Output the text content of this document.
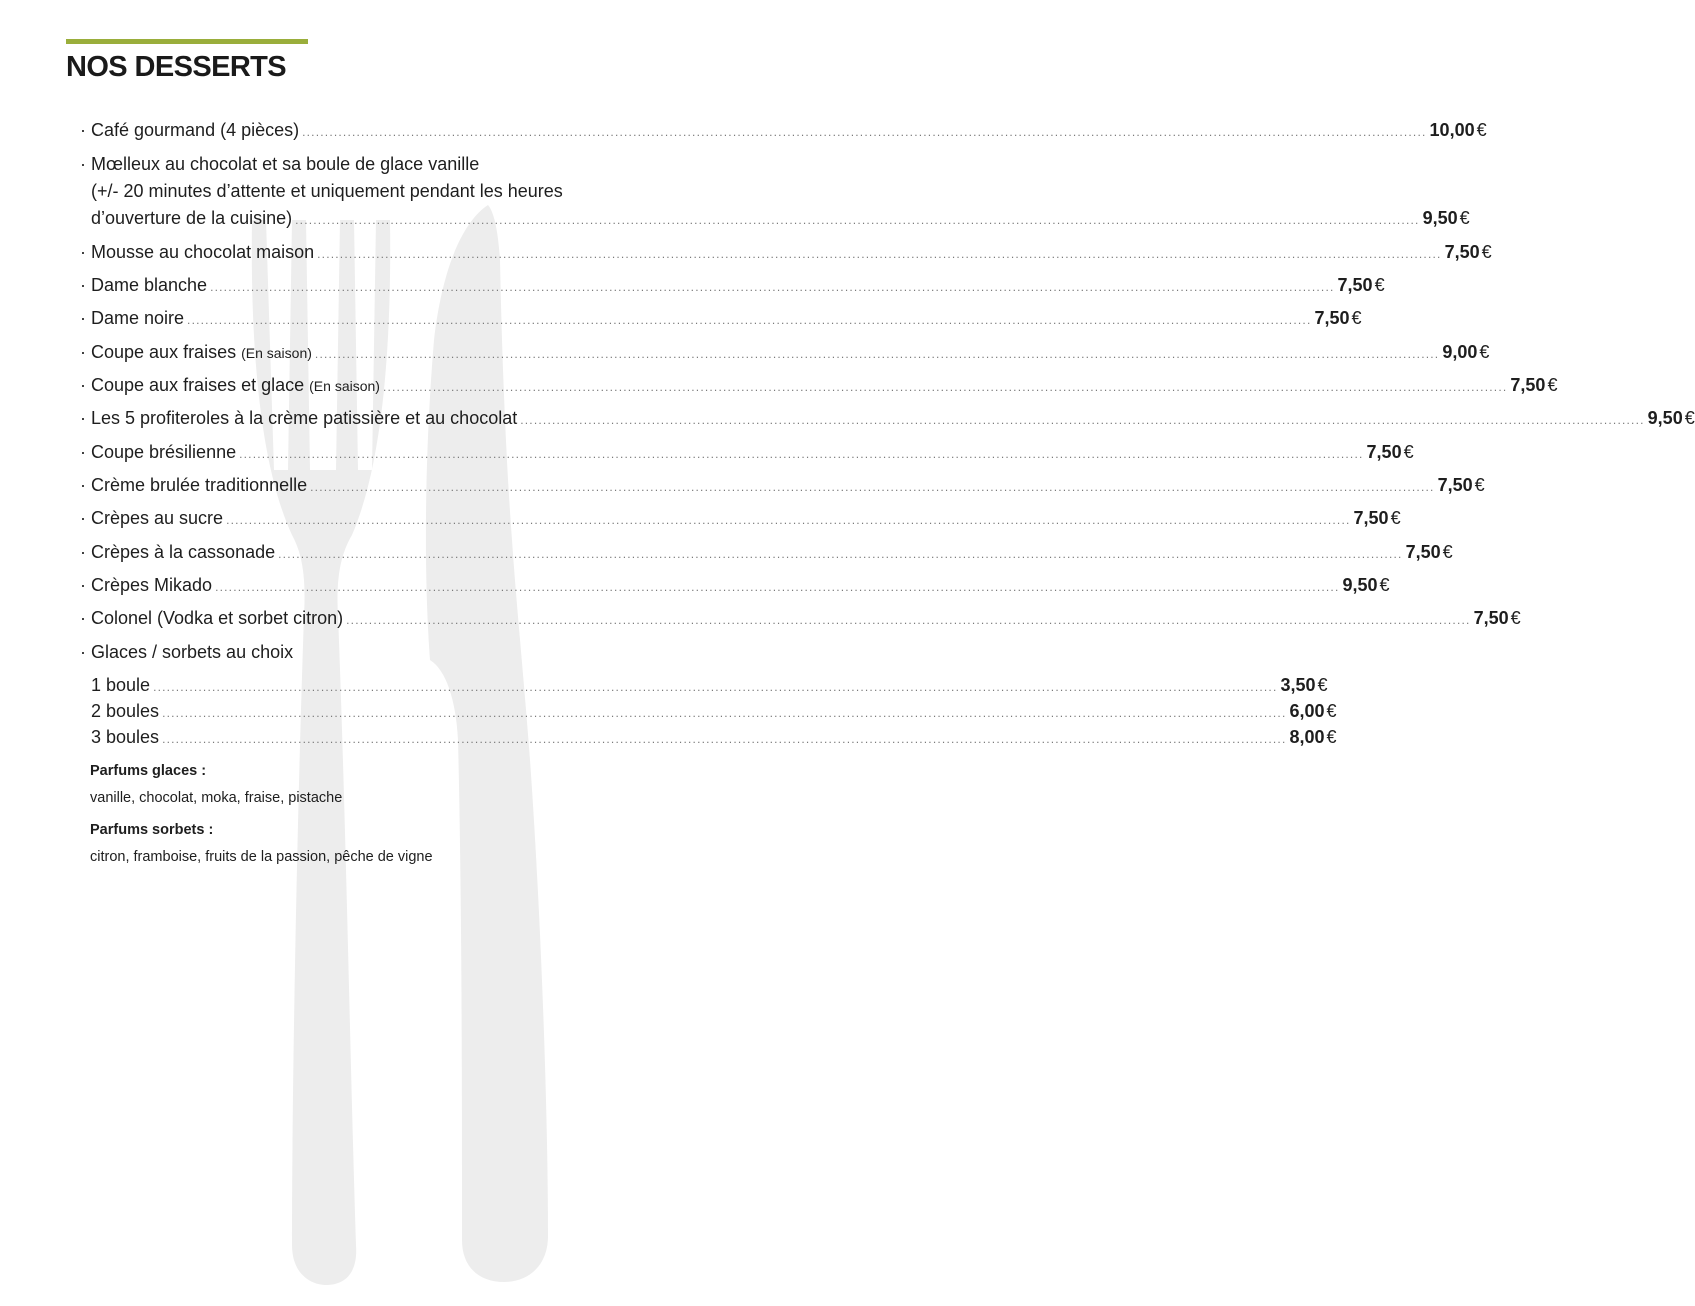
NOS DESSERTS
· Café gourmand (4 pièces) ........................................................................................................................................................................................................................................................ 10,00 €
· Mœlleux au chocolat et sa boule de glace vanille
(+/- 20 minutes d’attente et uniquement pendant les heures
d’ouverture de la cuisine) ........................................................................................................................................................................................................................................................ 9,50 €
· Mousse au chocolat maison ........................................................................................................................................................................................................................................................ 7,50 €
· Dame blanche ........................................................................................................................................................................................................................................................ 7,50 €
· Dame noire ........................................................................................................................................................................................................................................................ 7,50 €
· Coupe aux fraises (En saison) ........................................................................................................................................................................................................................................................ 9,00 €
· Coupe aux fraises et glace (En saison) ........................................................................................................................................................................................................................................................ 7,50 €
· Les 5 profiteroles à la crème patissière et au chocolat ........................................................................................................................................................................................................................................................ 9,50 €
· Coupe brésilienne ........................................................................................................................................................................................................................................................ 7,50 €
· Crème brulée traditionnelle ........................................................................................................................................................................................................................................................ 7,50 €
· Crèpes au sucre ........................................................................................................................................................................................................................................................ 7,50 €
· Crèpes à la cassonade ........................................................................................................................................................................................................................................................ 7,50 €
· Crèpes Mikado ........................................................................................................................................................................................................................................................ 9,50 €
· Colonel (Vodka et sorbet citron) ........................................................................................................................................................................................................................................................ 7,50 €
· Glaces / sorbets au choix
1 boule ........................................................................................................................................................................................................................................................ 3,50 €
2 boules ........................................................................................................................................................................................................................................................ 6,00 €
3 boules ........................................................................................................................................................................................................................................................ 8,00 €
Parfums glaces :
vanille, chocolat, moka, fraise, pistache
Parfums sorbets :
citron, framboise, fruits de la passion, pêche de vigne
